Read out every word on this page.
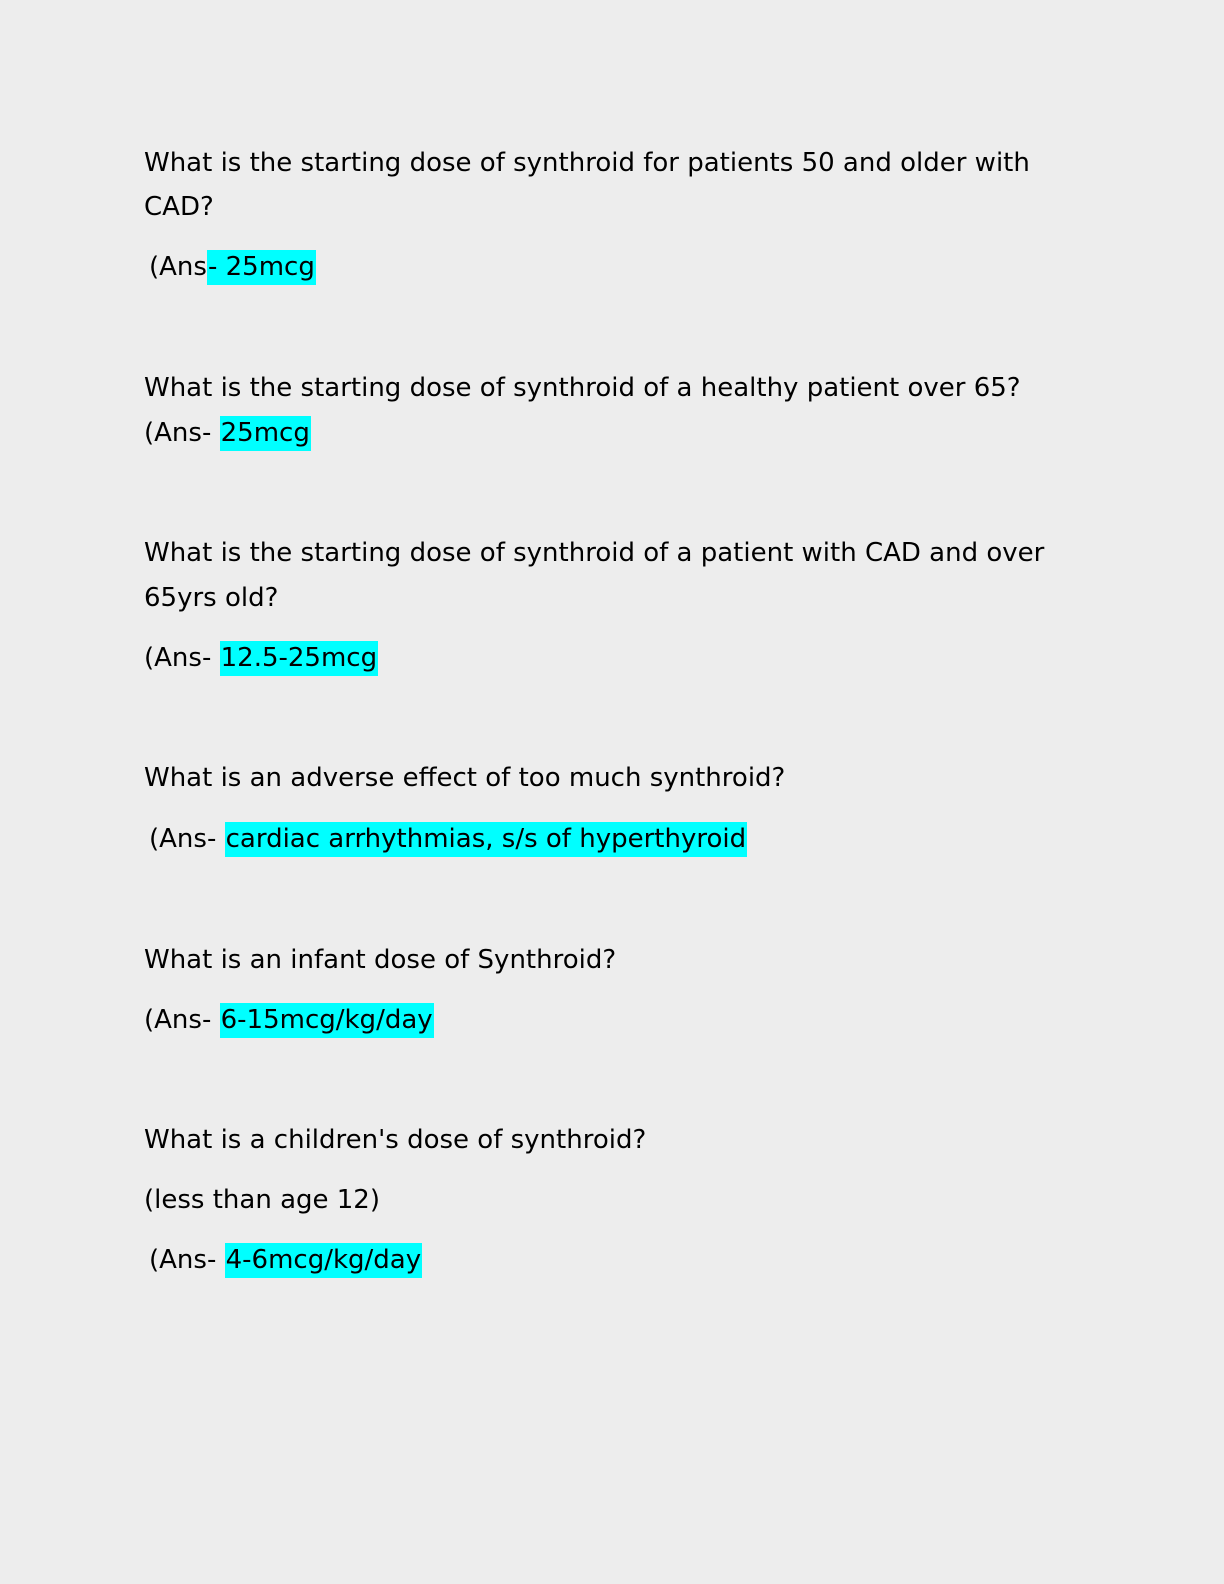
What is the starting dose of synthroid for patients 50 and older with
CAD?
(Ans- 25mcg
What is the starting dose of synthroid of a healthy patient over 65?
(Ans- 25mcg
What is the starting dose of synthroid of a patient with CAD and over
65yrs old?
(Ans- 12.5-25mcg
What is an adverse effect of too much synthroid?
(Ans- cardiac arrhythmias, s/s of hyperthyroid
What is an infant dose of Synthroid?
(Ans- 6-15mcg/kg/day
What is a children's dose of synthroid?
(less than age 12)
(Ans- 4-6mcg/kg/day
